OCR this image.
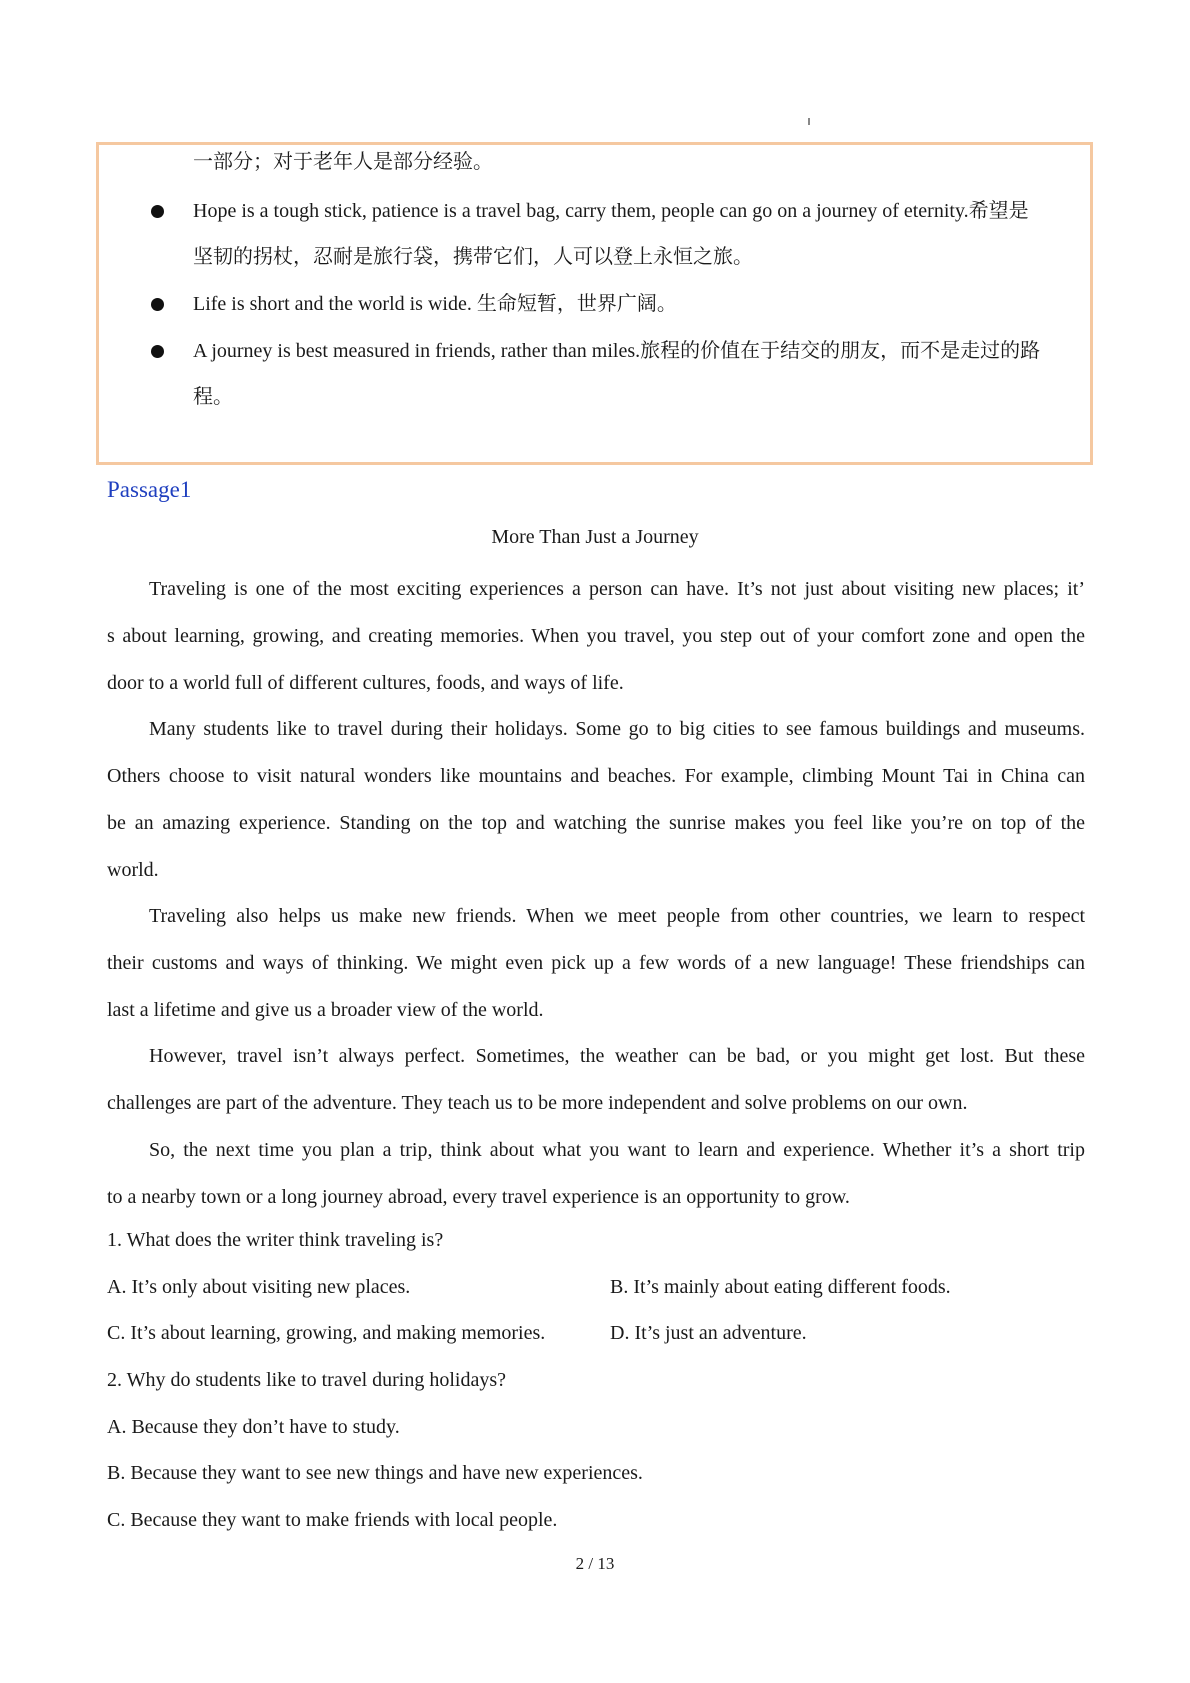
一部分；对于老年人是部分经验。
Hope is a tough stick, patience is a travel bag, carry them, people can go on a journey of eternity.希望是
坚韧的拐杖，忍耐是旅行袋，携带它们，人可以登上永恒之旅。
Life is short and the world is wide. 生命短暂，世界广阔。
A journey is best measured in friends, rather than miles.旅程的价值在于结交的朋友，而不是走过的路
程。
Passage1
More Than Just a Journey
Traveling is one of the most exciting experiences a person can have. It’s not just about visiting new places; it’
s about learning, growing, and creating memories. When you travel, you step out of your comfort zone and open the
door to a world full of different cultures, foods, and ways of life.
Many students like to travel during their holidays. Some go to big cities to see famous buildings and museums.
Others choose to visit natural wonders like mountains and beaches. For example, climbing Mount Tai in China can
be an amazing experience. Standing on the top and watching the sunrise makes you feel like you’re on top of the
world.
Traveling also helps us make new friends. When we meet people from other countries, we learn to respect
their customs and ways of thinking. We might even pick up a few words of a new language! These friendships can
last a lifetime and give us a broader view of the world.
However, travel isn’t always perfect. Sometimes, the weather can be bad, or you might get lost. But these
challenges are part of the adventure. They teach us to be more independent and solve problems on our own.
So, the next time you plan a trip, think about what you want to learn and experience. Whether it’s a short trip
to a nearby town or a long journey abroad, every travel experience is an opportunity to grow.
1. What does the writer think traveling is?
A. It’s only about visiting new places.	B. It’s mainly about eating different foods.
C. It’s about learning, growing, and making memories.	D. It’s just an adventure.
2. Why do students like to travel during holidays?
A. Because they don’t have to study.
B. Because they want to see new things and have new experiences.
C. Because they want to make friends with local people.
2 / 13
